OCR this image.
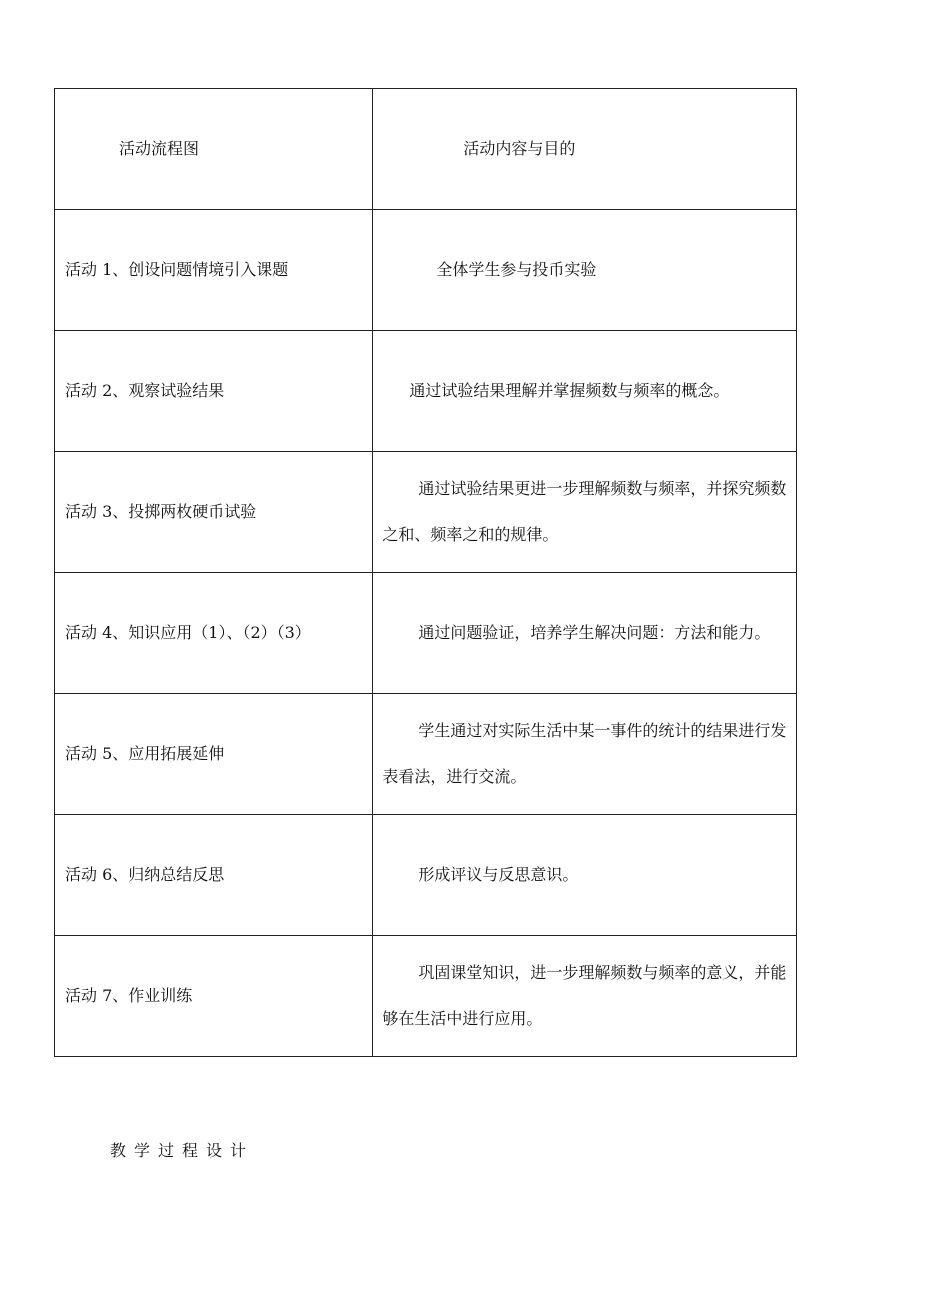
活动流程图	活动内容与目的
活动 1、创设问题情境引入课题	全体学生参与投币实验
活动 2、观察试验结果	通过试验结果理解并掌握频数与频率的概念。
活动 3、投掷两枚硬币试验	通过试验结果更进一步理解频数与频率，并探究频数之和、频率之和的规律。
活动 4、知识应用（1）、（2）（3）	通过问题验证，培养学生解决问题：方法和能力。
活动 5、应用拓展延伸	学生通过对实际生活中某一事件的统计的结果进行发表看法，进行交流。
活动 6、归纳总结反思	形成评议与反思意识。
活动 7、作业训练	巩固课堂知识，进一步理解频数与频率的意义，并能够在生活中进行应用。
教学过程设计
